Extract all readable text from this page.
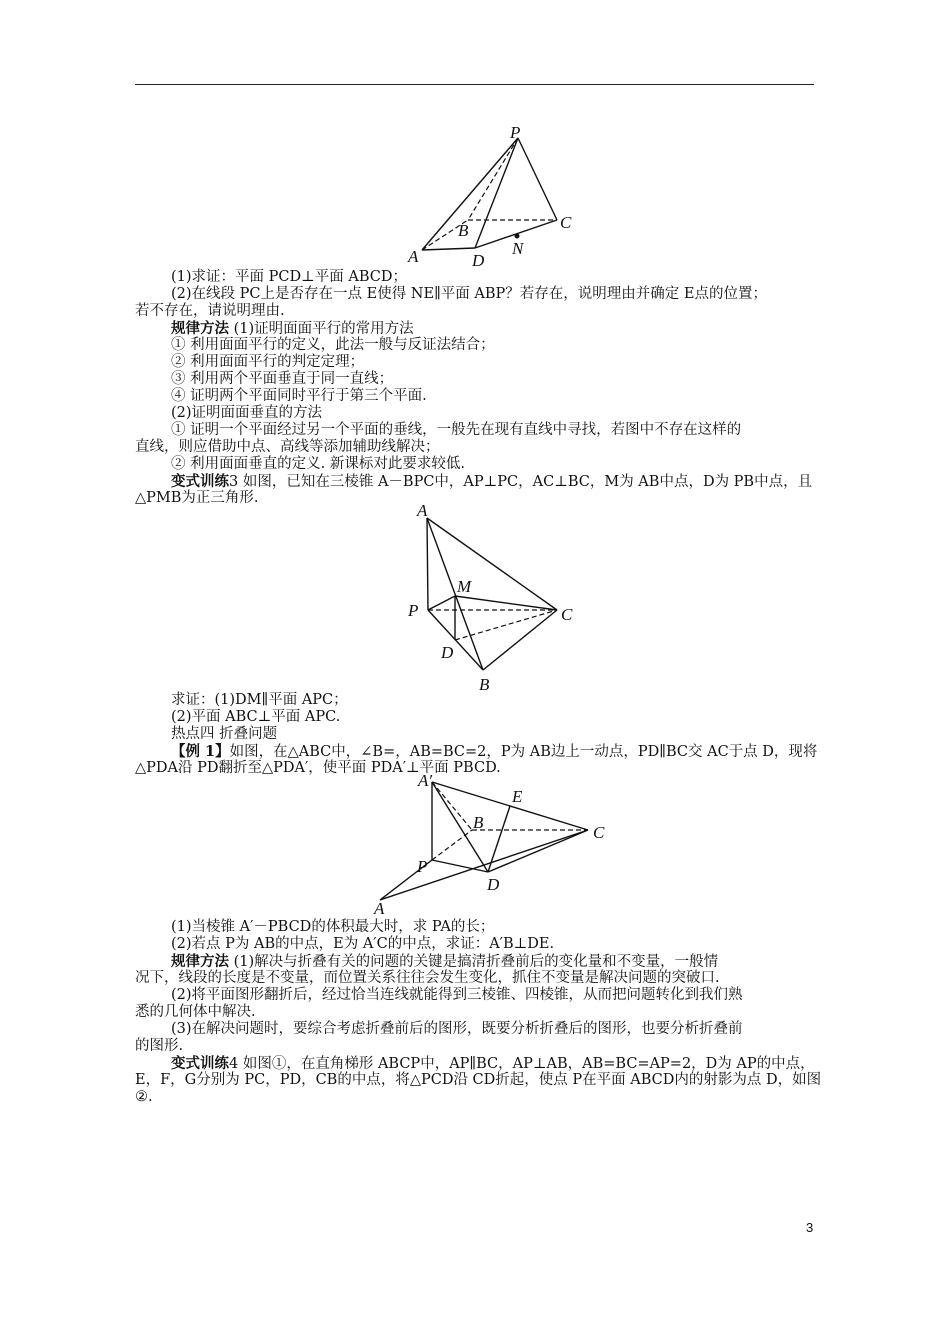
P
B	C
A	D
N
A
M
P	C
D
B
A′
E
B
C
P
D
A
(1)求证：平面 PCD⊥平面 ABCD；
(2)在线段 PC上是否存在一点 E使得 NE∥平面 ABP？若存在，说明理由并确定 E点的位置；
若不存在，请说明理由.
规律方法 (1)证明面面平行的常用方法
① 利用面面平行的定义，此法一般与反证法结合；
② 利用面面平行的判定定理；
③ 利用两个平面垂直于同一直线；
④ 证明两个平面同时平行于第三个平面.
(2)证明面面垂直的方法
① 证明一个平面经过另一个平面的垂线，一般先在现有直线中寻找，若图中不存在这样的
直线，则应借助中点、高线等添加辅助线解决；
② 利用面面垂直的定义. 新课标对此要求较低.
变式训练3 如图，已知在三棱锥 A－BPC中，AP⊥PC，AC⊥BC，M为 AB中点，D为 PB中点，且
△PMB为正三角形.
求证：(1)DM∥平面 APC；
(2)平面 ABC⊥平面 APC.
热点四 折叠问题
【例 1】如图，在△ABC中，∠B=，AB=BC=2，P为 AB边上一动点，PD∥BC交 AC于点 D，现将
△PDA沿 PD翻折至△PDA′，使平面 PDA′⊥平面 PBCD.
(1)当棱锥 A′－PBCD的体积最大时，求 PA的长；
(2)若点 P为 AB的中点，E为 A′C的中点，求证：A′B⊥DE.
规律方法 (1)解决与折叠有关的问题的关键是搞清折叠前后的变化量和不变量，一般情
况下，线段的长度是不变量，而位置关系往往会发生变化，抓住不变量是解决问题的突破口.
(2)将平面图形翻折后，经过恰当连线就能得到三棱锥、四棱锥，从而把问题转化到我们熟
悉的几何体中解决.
(3)在解决问题时，要综合考虑折叠前后的图形，既要分析折叠后的图形，也要分析折叠前
的图形.
变式训练4 如图①，在直角梯形 ABCP中，AP∥BC，AP⊥AB，AB=BC=AP=2，D为 AP的中点，
E，F，G分别为 PC，PD，CB的中点，将△PCD沿 CD折起，使点 P在平面 ABCD内的射影为点 D，如图
②.
3
